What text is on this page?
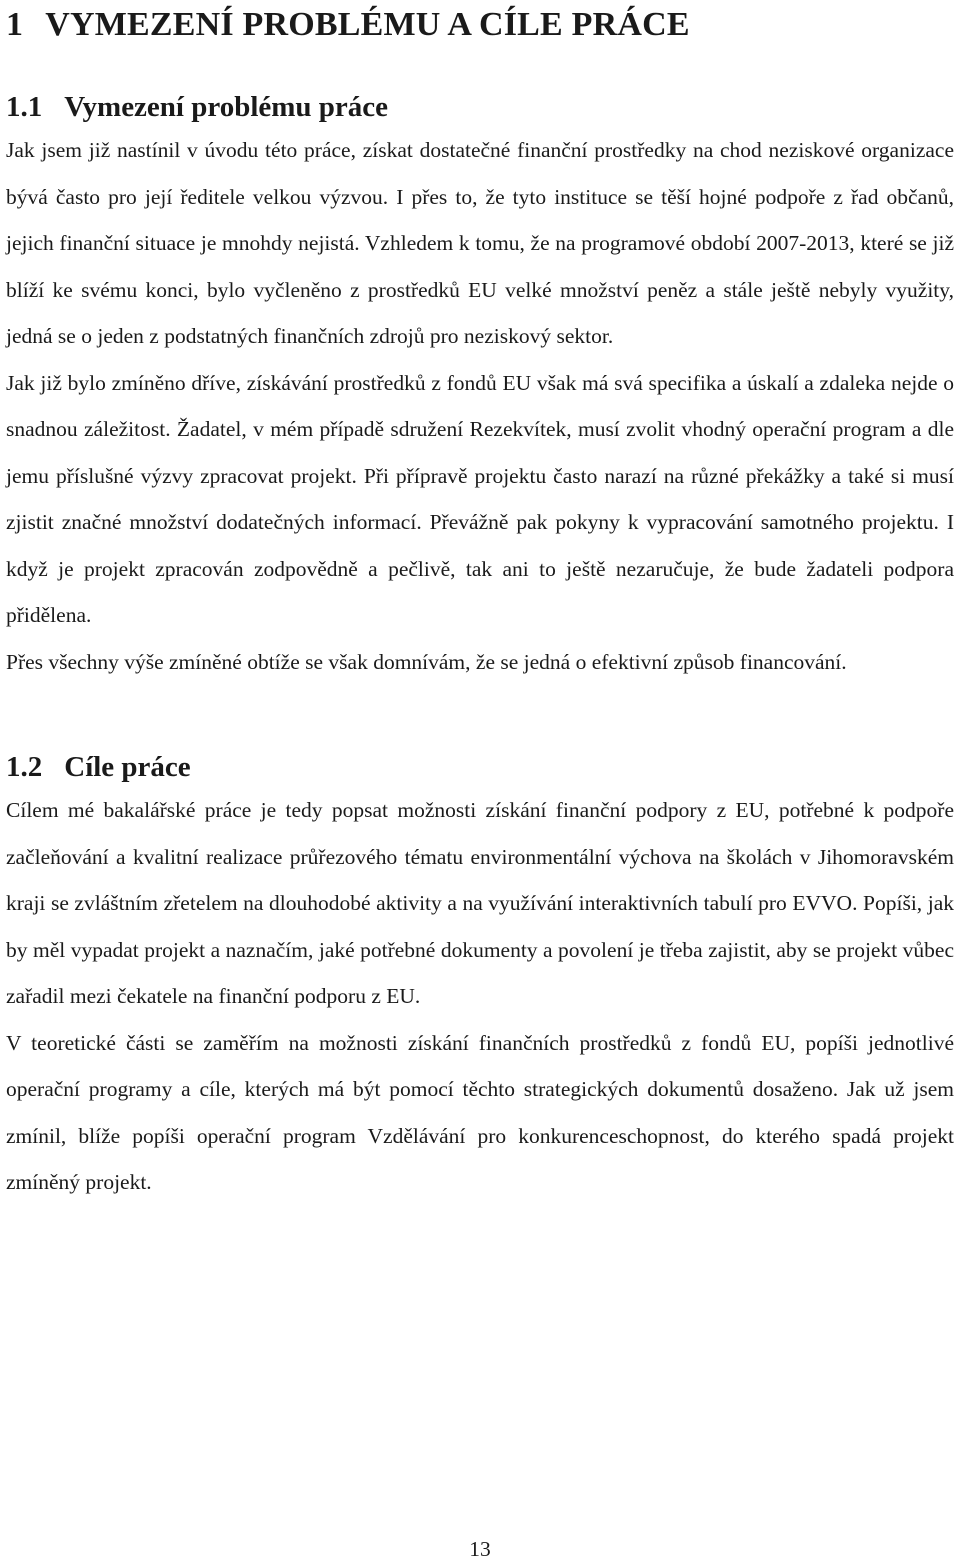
1 VYMEZENÍ PROBLÉMU A CÍLE PRÁCE
1.1 Vymezení problému práce

Jak jsem již nastínil v úvodu této práce, získat dostatečné finanční prostředky na chod neziskové organizace bývá často pro její ředitele velkou výzvou. I přes to, že tyto instituce se těší hojné podpoře z řad občanů, jejich finanční situace je mnohdy nejistá. Vzhledem k tomu, že na programové období 2007-2013, které se již blíží ke svému konci, bylo vyčleněno z prostředků EU velké množství peněz a stále ještě nebyly využity, jedná se o jeden z podstatných finančních zdrojů pro neziskový sektor.

Jak již bylo zmíněno dříve, získávání prostředků z fondů EU však má svá specifika a úskalí a zdaleka nejde o snadnou záležitost. Žadatel, v mém případě sdružení Rezekvítek, musí zvolit vhodný operační program a dle jemu příslušné výzvy zpracovat projekt. Při přípravě projektu často narazí na různé překážky a také si musí zjistit značné množství dodatečných informací. Převážně pak pokyny k vypracování samotného projektu. I když je projekt zpracován zodpovědně a pečlivě, tak ani to ještě nezaručuje, že bude žadateli podpora přidělena.

Přes všechny výše zmíněné obtíže se však domnívám, že se jedná o efektivní způsob financování.

1.2 Cíle práce

Cílem mé bakalářské práce je tedy popsat možnosti získání finanční podpory z EU, potřebné k podpoře začleňování a kvalitní realizace průřezového tématu environmentální výchova na školách v Jihomoravském kraji se zvláštním zřetelem na dlouhodobé aktivity a na využívání interaktivních tabulí pro EVVO. Popíši, jak by měl vypadat projekt a naznačím, jaké potřebné dokumenty a povolení je třeba zajistit, aby se projekt vůbec zařadil mezi čekatele na finanční podporu z EU.

V teoretické části se zaměřím na možnosti získání finančních prostředků z fondů EU, popíši jednotlivé operační programy a cíle, kterých má být pomocí těchto strategických dokumentů dosaženo. Jak už jsem zmínil, blíže popíši operační program Vzdělávání pro konkurenceschopnost, do kterého spadá projekt zmíněný projekt.

13
